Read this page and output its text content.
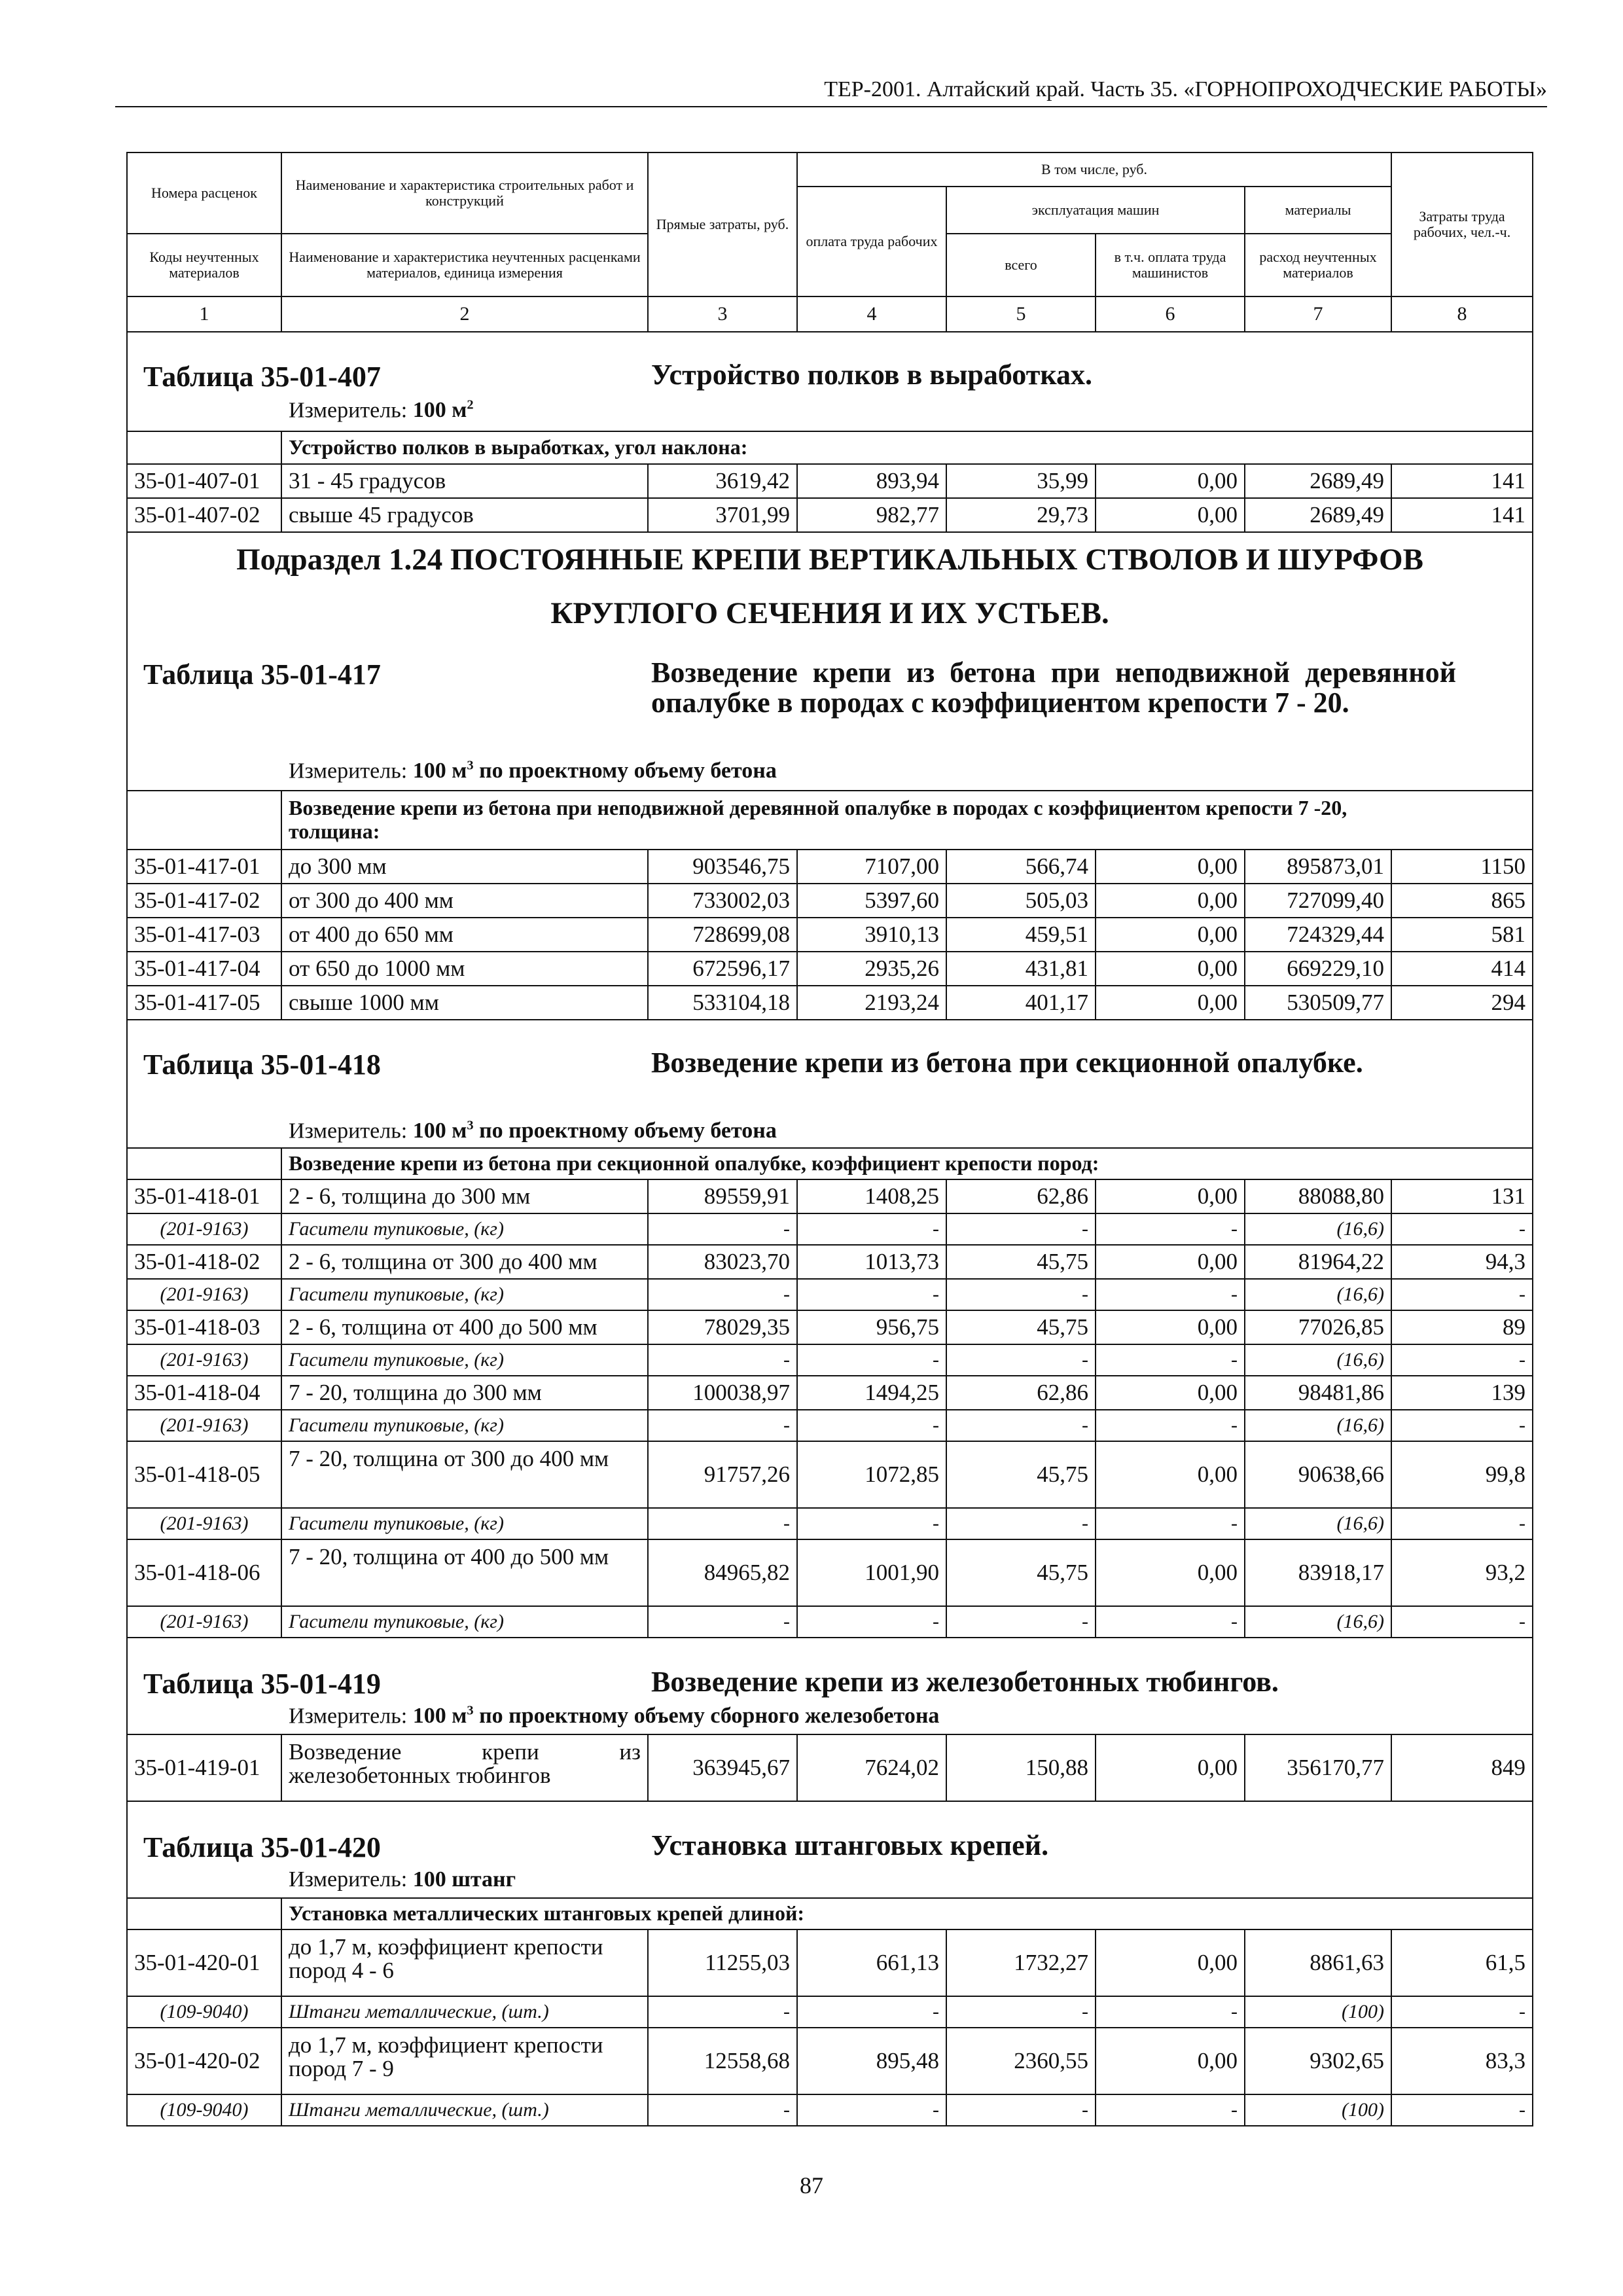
ТЕР-2001. Алтайский край. Часть 35. «ГОРНОПРОХОДЧЕСКИЕ РАБОТЫ»
Номера расценок	Наименование и характеристика строительных работ и конструкций	Прямые затраты, руб.	В том числе, руб.				Затраты труда рабочих, чел.-ч.
			оплата труда рабочих	эксплуатация машин		материалы	
Коды неучтенных материалов	Наименование и характеристика неучтенных расценками материалов, единица измерения			всего	в т.ч. оплата труда машинистов	расход неучтенных материалов	
1	2	3	4	5	6	7	8

Таблица 35-01-407 Устройство полков в выработках.
Измеритель: 100 $м^2$

	Устройство полков в выработках, угол наклона:						
35-01-407-01	31 - 45 градусов	3619,42	893,94	35,99	0,00	2689,49	141
35-01-407-02	свыше 45 градусов	3701,99	982,77	29,73	0,00	2689,49	141

Подраздел 1.24 ПОСТОЯННЫЕ КРЕПИ ВЕРТИКАЛЬНЫХ СТВОЛОВ И ШУРФОВ
КРУГЛОГО СЕЧЕНИЯ И ИХ УСТЬЕВ.							

Таблица 35-01-417 Возведение крепи из бетона при неподвижной деревянной опалубке в породах с коэффициентом крепости 7 - 20.
Измеритель: 100 $м^3$ по проектному объему бетона							

	Возведение крепи из бетона при неподвижной деревянной опалубке в породах с коэффициентом крепости 7 -20, толщина:						
35-01-417-01	до 300 мм	903546,75	7107,00	566,74	0,00	895873,01	1150
35-01-417-02	от 300 до 400 мм	733002,03	5397,60	505,03	0,00	727099,40	865
35-01-417-03	от 400 до 650 мм	728699,08	3910,13	459,51	0,00	724329,44	581
35-01-417-04	от 650 до 1000 мм	672596,17	2935,26	431,81	0,00	669229,10	414
35-01-417-05	свыше 1000 мм	533104,18	2193,24	401,17	0,00	530509,77	294

Таблица 35-01-418 Возведение крепи из бетона при секционной опалубке.
Измеритель: 100 $м^3$ по проектному объему бетона							

	Возведение крепи из бетона при секционной опалубке, коэффициент крепости пород:						
35-01-418-01	2 - 6, толщина до 300 мм	89559,91	1408,25	62,86	0,00	88088,80	131
(201-9163)	Гасители тупиковые, (кг)	-	-	-	-	(16,6)	-
35-01-418-02	2 - 6, толщина от 300 до 400 мм	83023,70	1013,73	45,75	0,00	81964,22	94,3
(201-9163)	Гасители тупиковые, (кг)	-	-	-	-	(16,6)	-
35-01-418-03	2 - 6, толщина от 400 до 500 мм	78029,35	956,75	45,75	0,00	77026,85	89
(201-9163)	Гасители тупиковые, (кг)	-	-	-	-	(16,6)	-
35-01-418-04	7 - 20, толщина до 300 мм	100038,97	1494,25	62,86	0,00	98481,86	139
(201-9163)	Гасители тупиковые, (кг)	-	-	-	-	(16,6)	-
35-01-418-05	7 - 20, толщина от 300 до 400 мм	91757,26	1072,85	45,75	0,00	90638,66	99,8
(201-9163)	Гасители тупиковые, (кг)	-	-	-	-	(16,6)	-
35-01-418-06	7 - 20, толщина от 400 до 500 мм	84965,82	1001,90	45,75	0,00	83918,17	93,2
(201-9163)	Гасители тупиковые, (кг)	-	-	-	-	(16,6)	-

Таблица 35-01-419 Возведение крепи из железобетонных тюбингов.
Измеритель: 100 $м^3$ по проектному объему сборного железобетона							

35-01-419-01	Возведение крепи из железобетонных тюбингов	363945,67	7624,02	150,88	0,00	356170,77	849

Таблица 35-01-420 Установка штанговых крепей.
Измеритель: 100 штанг							

	Установка металлических штанговых крепей длиной:						
35-01-420-01	до 1,7 м, коэффициент крепости пород 4 - 6	11255,03	661,13	1732,27	0,00	8861,63	61,5
(109-9040)	Штанги металлические, (шт.)	-	-	-	-	(100)	-
35-01-420-02	до 1,7 м, коэффициент крепости пород 7 - 9	12558,68	895,48	2360,55	0,00	9302,65	83,3
(109-9040)	Штанги металлические, (шт.)	-	-	-	-	(100)	-
87
